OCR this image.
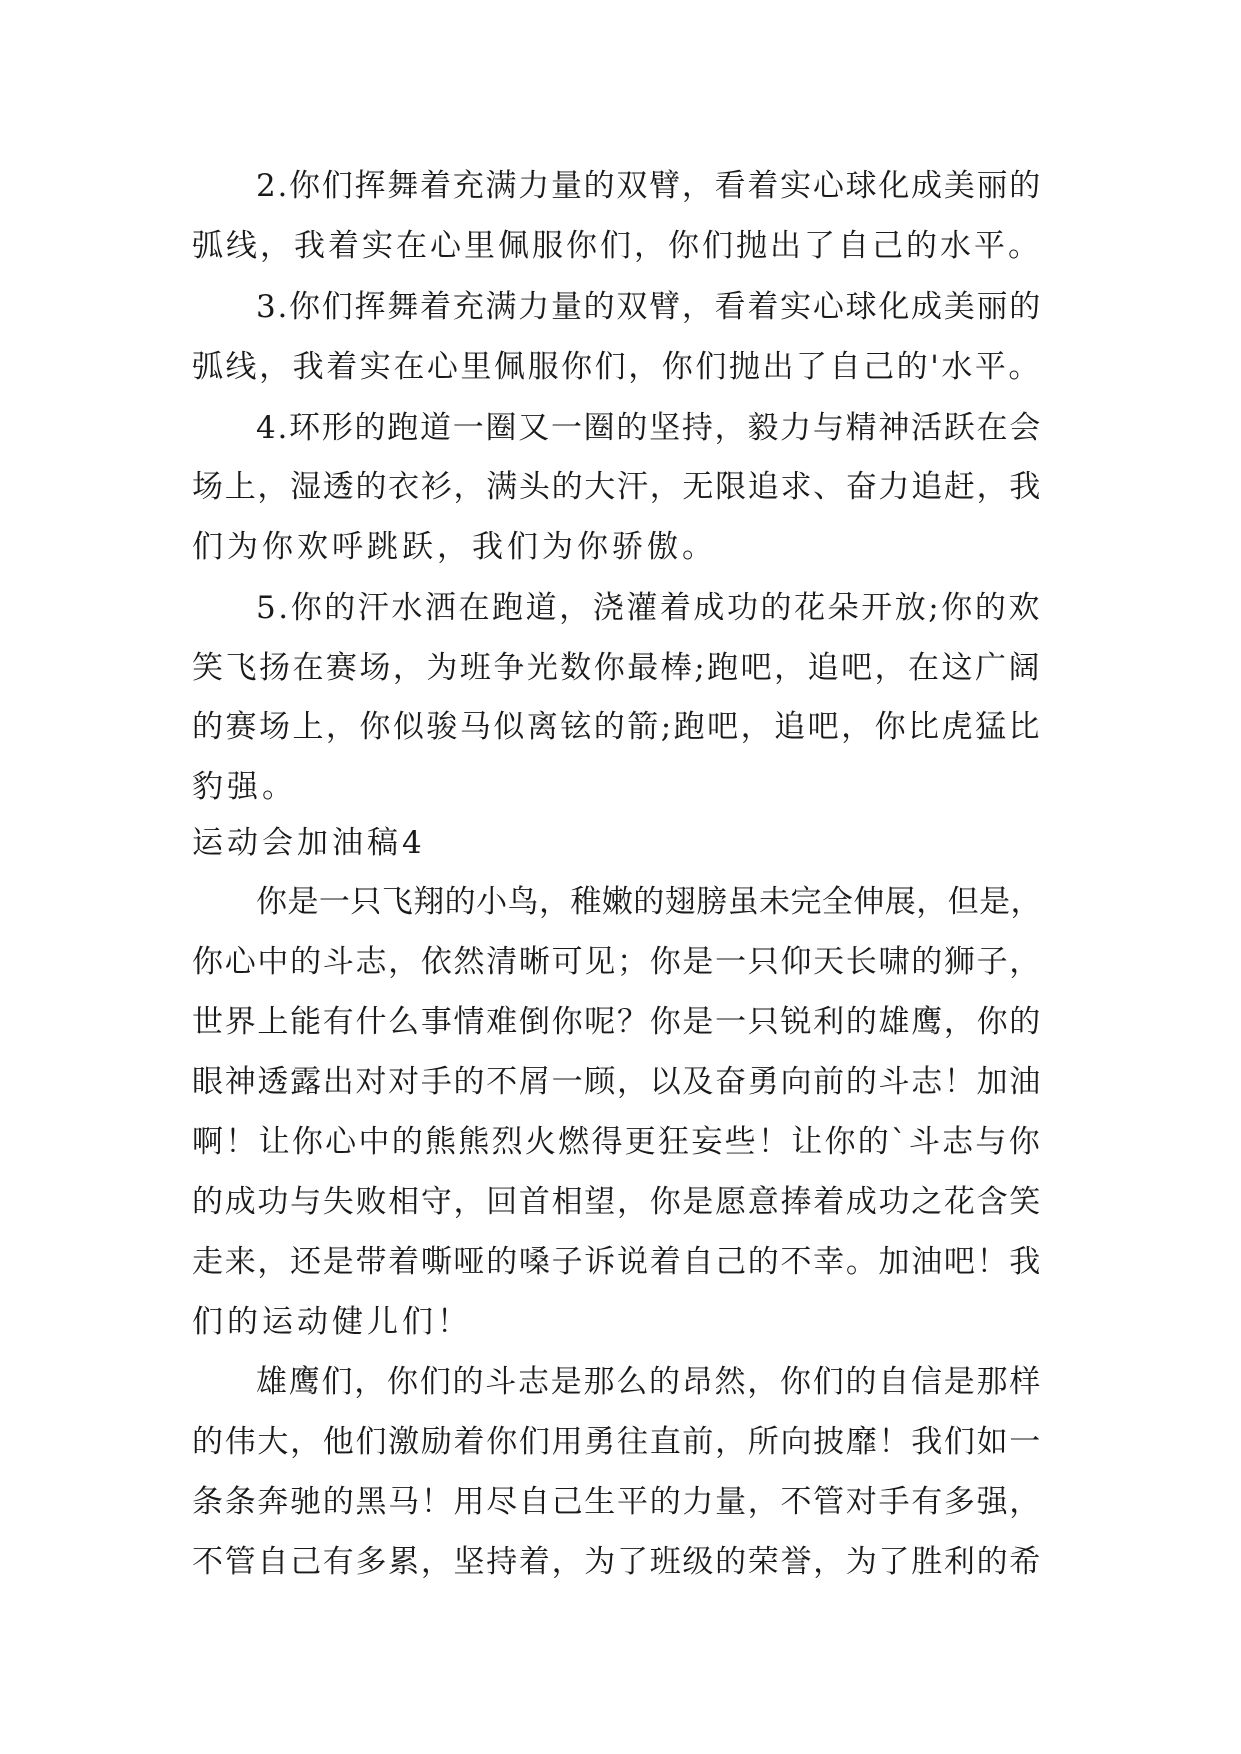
2.你们挥舞着充满力量的双臂，看着实心球化成美丽的
弧线，我着实在心里佩服你们，你们抛出了自己的水平。
3.你们挥舞着充满力量的双臂，看着实心球化成美丽的
弧线，我着实在心里佩服你们，你们抛出了自己的'水平。
4.环形的跑道一圈又一圈的坚持，毅力与精神活跃在会
场上，湿透的衣衫，满头的大汗，无限追求、奋力追赶，我
们为你欢呼跳跃，我们为你骄傲。
5.你的汗水洒在跑道，浇灌着成功的花朵开放;你的欢
笑飞扬在赛场，为班争光数你最棒;跑吧，追吧，在这广阔
的赛场上，你似骏马似离铉的箭;跑吧，追吧，你比虎猛比
豹强。
运动会加油稿4
你是一只飞翔的小鸟，稚嫩的翅膀虽未完全伸展，但是，
你心中的斗志，依然清晰可见；你是一只仰天长啸的狮子，
世界上能有什么事情难倒你呢？你是一只锐利的雄鹰，你的
眼神透露出对对手的不屑一顾，以及奋勇向前的斗志！加油
啊！让你心中的熊熊烈火燃得更狂妄些！让你的`斗志与你
的成功与失败相守，回首相望，你是愿意捧着成功之花含笑
走来，还是带着嘶哑的嗓子诉说着自己的不幸。加油吧！我
们的运动健儿们！
雄鹰们，你们的斗志是那么的昂然，你们的自信是那样
的伟大，他们激励着你们用勇往直前，所向披靡！我们如一
条条奔驰的黑马！用尽自己生平的力量，不管对手有多强，
不管自己有多累，坚持着，为了班级的荣誉，为了胜利的希
